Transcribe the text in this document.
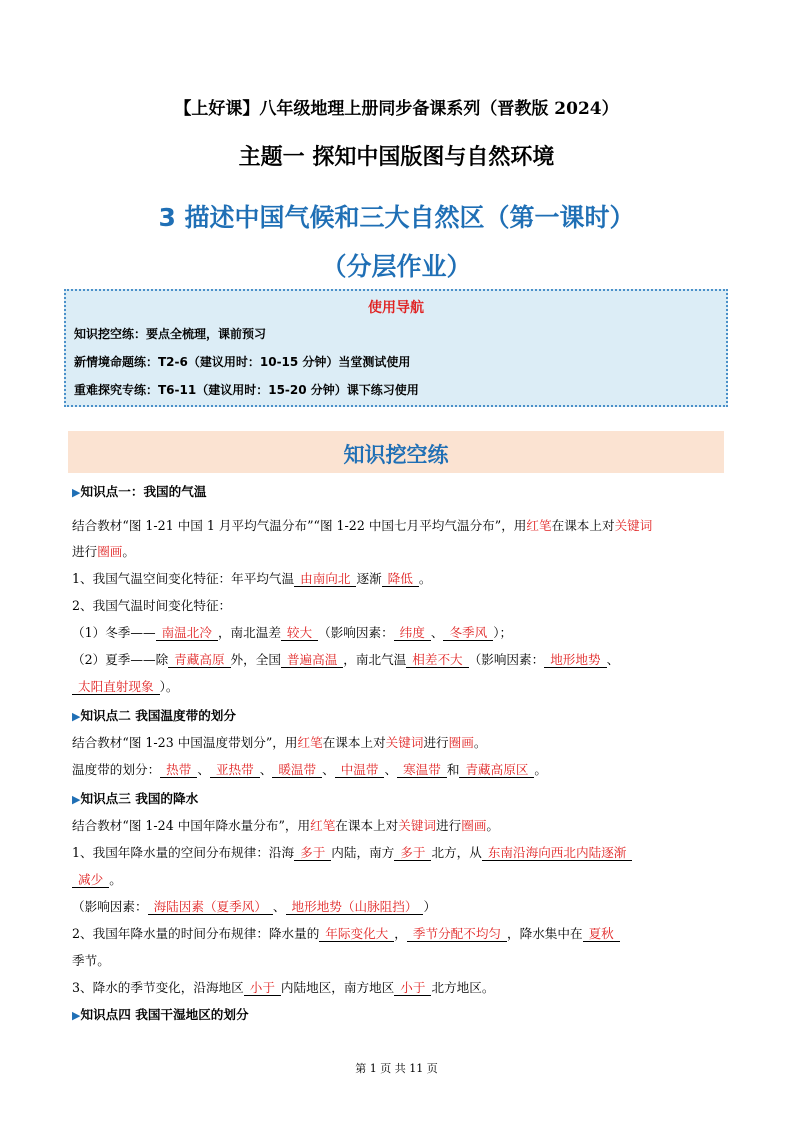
【上好课】八年级地理上册同步备课系列（晋教版 2024）
主题一 探知中国版图与自然环境
3 描述中国气候和三大自然区（第一课时）
（分层作业）
使用导航
知识挖空练：要点全梳理，课前预习
新情境命题练：T2-6（建议用时：10-15 分钟）当堂测试使用
重难探究专练：T6-11（建议用时：15-20 分钟）课下练习使用
知识挖空练
▶知识点一：我国的气温
结合教材“图 1-21 中国 1 月平均气温分布”“图 1-22 中国七月平均气温分布”，用红笔在课本上对关键词
进行圈画。
1、我国气温空间变化特征：年平均气温 由南向北 逐渐 降低 。
2、我国气温时间变化特征：
（1）冬季—— 南温北冷 ，南北温差 较大 （影响因素： 纬度 、 冬季风 ）；
（2）夏季——除 青藏高原 外，全国 普遍高温 ，南北气温 相差不大 （影响因素： 地形地势 、
太阳直射现象 ）。
▶知识点二 我国温度带的划分
结合教材“图 1-23 中国温度带划分”，用红笔在课本上对关键词进行圈画。
温度带的划分： 热带 、 亚热带 、 暖温带 、 中温带 、 寒温带 和 青藏高原区 。
▶知识点三 我国的降水
结合教材“图 1-24 中国年降水量分布”，用红笔在课本上对关键词进行圈画。
1、我国年降水量的空间分布规律：沿海 多于 内陆，南方 多于 北方，从 东南沿海向西北内陆逐渐
减少 。
（影响因素： 海陆因素（夏季风） 、 地形地势（山脉阻挡） ）
2、我国年降水量的时间分布规律：降水量的 年际变化大 ， 季节分配不均匀 ，降水集中在 夏秋
季节。
3、降水的季节变化，沿海地区 小于 内陆地区，南方地区 小于 北方地区。
▶知识点四 我国干湿地区的划分
第 1 页 共 11 页
